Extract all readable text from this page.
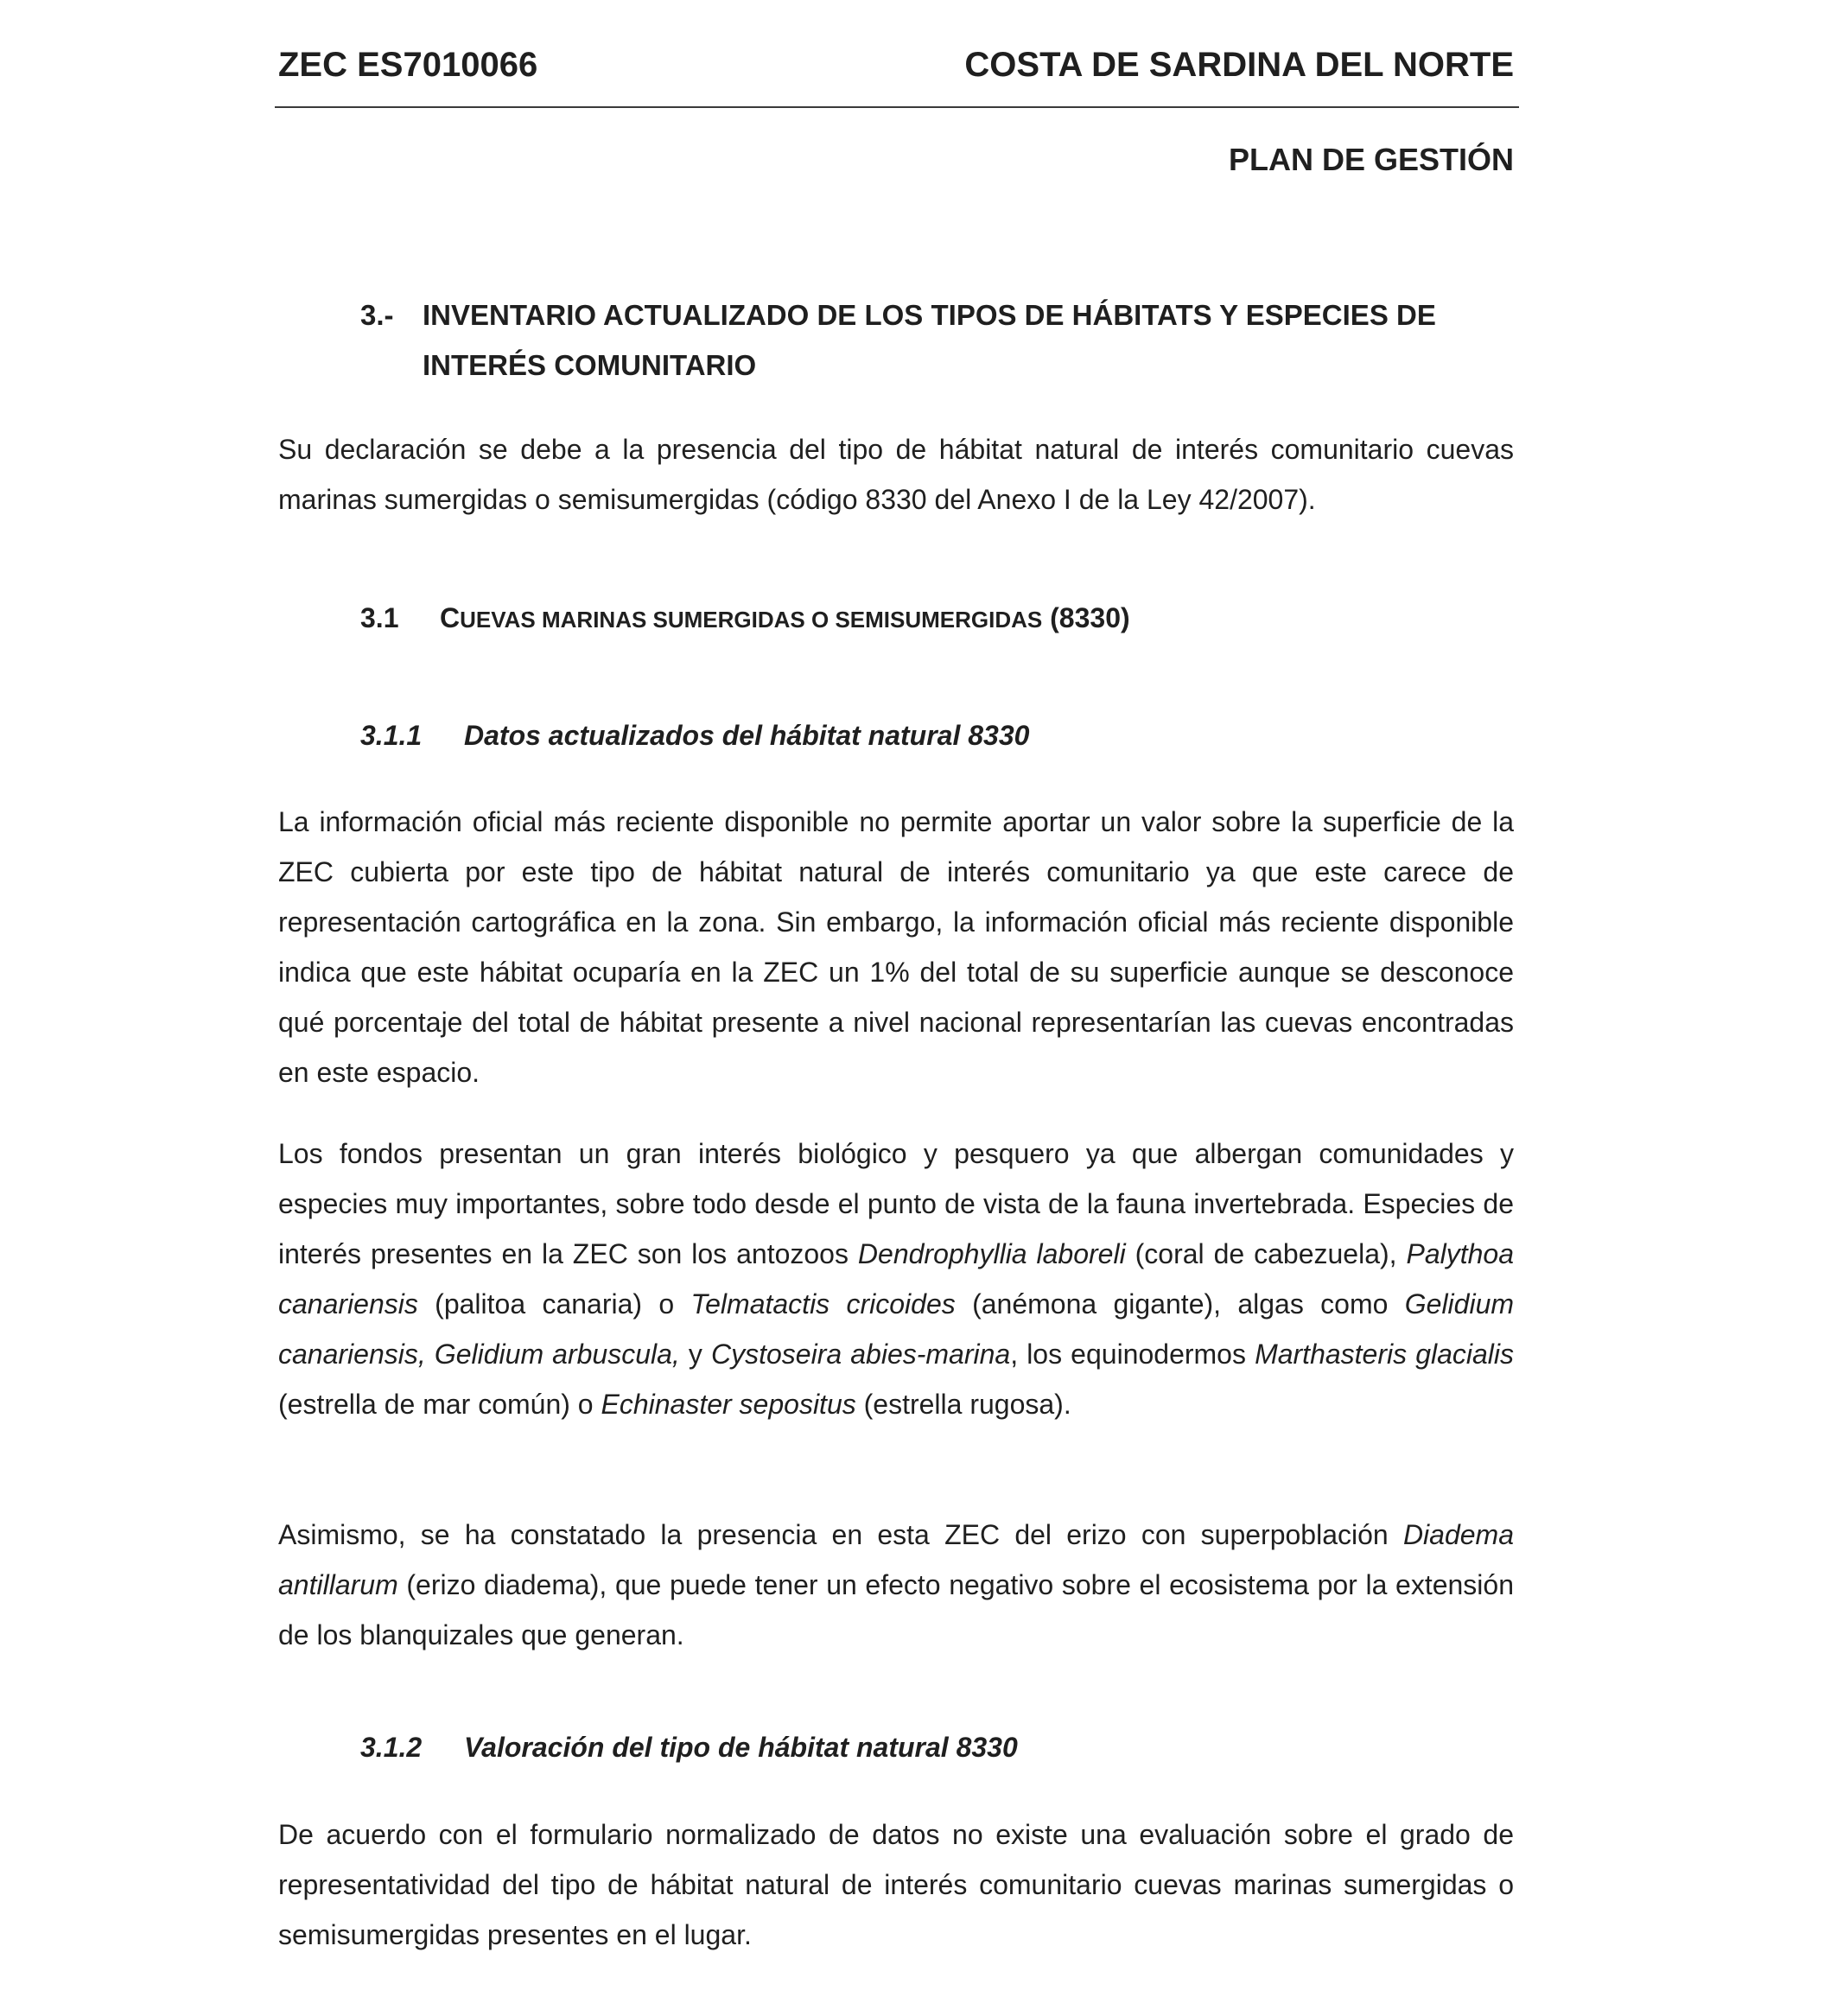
ZEC ES7010066	COSTA DE SARDINA DEL NORTE
PLAN DE GESTIÓN
3.- INVENTARIO ACTUALIZADO DE LOS TIPOS DE HÁBITATS Y ESPECIES DE INTERÉS COMUNITARIO

Su declaración se debe a la presencia del tipo de hábitat natural de interés comunitario cuevas marinas sumergidas o semisumergidas (código 8330 del Anexo I de la Ley 42/2007).

3.1 CUEVAS MARINAS SUMERGIDAS O SEMISUMERGIDAS (8330)
3.1.1 Datos actualizados del hábitat natural 8330

La información oficial más reciente disponible no permite aportar un valor sobre la superficie de la ZEC cubierta por este tipo de hábitat natural de interés comunitario ya que este carece de representación cartográfica en la zona. Sin embargo, la información oficial más reciente disponible indica que este hábitat ocuparía en la ZEC un 1% del total de su superficie aunque se desconoce qué porcentaje del total de hábitat presente a nivel nacional representarían las cuevas encontradas en este espacio.

Los fondos presentan un gran interés biológico y pesquero ya que albergan comunidades y especies muy importantes, sobre todo desde el punto de vista de la fauna invertebrada. Especies de interés presentes en la ZEC son los antozoos Dendrophyllia laboreli (coral de cabezuela), Palythoa canariensis (palitoa canaria) o Telmatactis cricoides (anémona gigante), algas como Gelidium canariensis, Gelidium arbuscula, y Cystoseira abies-marina, los equinodermos Marthasteris glacialis (estrella de mar común) o Echinaster sepositus (estrella rugosa).

Asimismo, se ha constatado la presencia en esta ZEC del erizo con superpoblación Diadema antillarum (erizo diadema), que puede tener un efecto negativo sobre el ecosistema por la extensión de los blanquizales que generan.

3.1.2 Valoración del tipo de hábitat natural 8330

De acuerdo con el formulario normalizado de datos no existe una evaluación sobre el grado de representatividad del tipo de hábitat natural de interés comunitario cuevas marinas sumergidas o semisumergidas presentes en el lugar.
